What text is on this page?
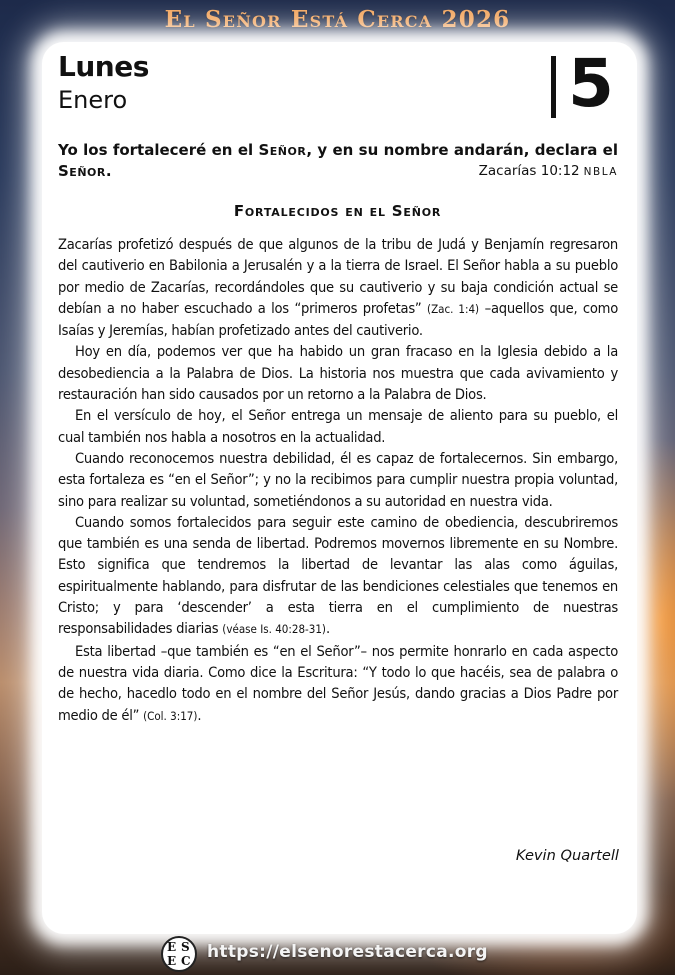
El Señor Está Cerca 2026
Lunes
Enero	5
Yo los fortaleceré en el Señor, y en su nombre andarán, declara el Señor.	Zacarías 10:12 NBLA
Fortalecidos en el Señor

Zacarías profetizó después de que algunos de la tribu de Judá y Benjamín regresaron del cautiverio en Babilonia a Jerusalén y a la tierra de Israel. El Señor habla a su pueblo por medio de Zacarías, recordándoles que su cautiverio y su baja condición actual se debían a no haber escuchado a los “primeros profetas” (Zac. 1:4) –aquellos que, como Isaías y Jeremías, habían profetizado antes del cautiverio.

Hoy en día, podemos ver que ha habido un gran fracaso en la Iglesia debido a la desobediencia a la Palabra de Dios. La historia nos muestra que cada avivamiento y restauración han sido causados por un retorno a la Palabra de Dios.

En el versículo de hoy, el Señor entrega un mensaje de aliento para su pueblo, el cual también nos habla a nosotros en la actualidad.

Cuando reconocemos nuestra debilidad, él es capaz de fortalecernos. Sin embargo, esta fortaleza es “en el Señor”; y no la recibimos para cumplir nuestra propia voluntad, sino para realizar su voluntad, sometiéndonos a su autoridad en nuestra vida.

Cuando somos fortalecidos para seguir este camino de obediencia, descubriremos que también es una senda de libertad. Podremos movernos libremente en su Nombre. Esto significa que tendremos la libertad de levantar las alas como águilas, espiritualmente hablando, para disfrutar de las bendiciones celestiales que tenemos en Cristo; y para ‘descender’ a esta tierra en el cumplimiento de nuestras responsabilidades diarias (véase Is. 40:28-31).

Esta libertad –que también es “en el Señor”– nos permite honrarlo en cada aspecto de nuestra vida diaria. Como dice la Escritura: “Y todo lo que hacéis, sea de palabra o de hecho, hacedlo todo en el nombre del Señor Jesús, dando gracias a Dios Padre por medio de él” (Col. 3:17).

Kevin Quartell
E S
E C https://elsenorestacerca.org
